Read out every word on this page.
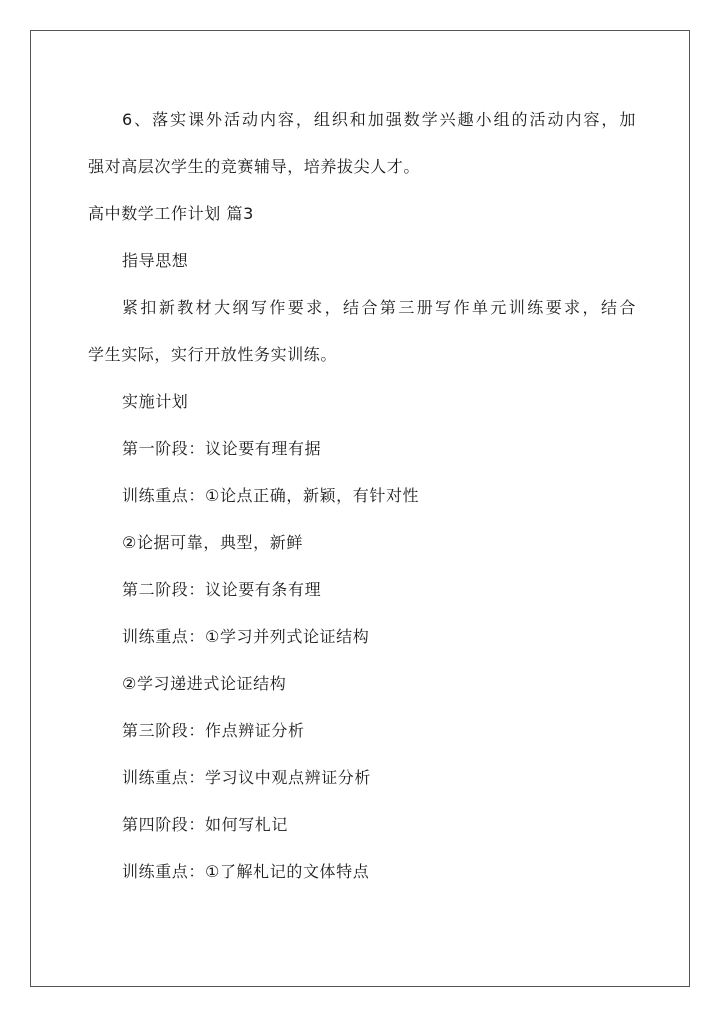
6、落实课外活动内容，组织和加强数学兴趣小组的活动内容，加
强对高层次学生的竞赛辅导，培养拔尖人才。
高中数学工作计划 篇3
指导思想
紧扣新教材大纲写作要求，结合第三册写作单元训练要求，结合
学生实际，实行开放性务实训练。
实施计划
第一阶段：议论要有理有据
训练重点：①论点正确，新颖，有针对性
②论据可靠，典型，新鲜
第二阶段：议论要有条有理
训练重点：①学习并列式论证结构
②学习递进式论证结构
第三阶段：作点辨证分析
训练重点：学习议中观点辨证分析
第四阶段：如何写札记
训练重点：①了解札记的文体特点
